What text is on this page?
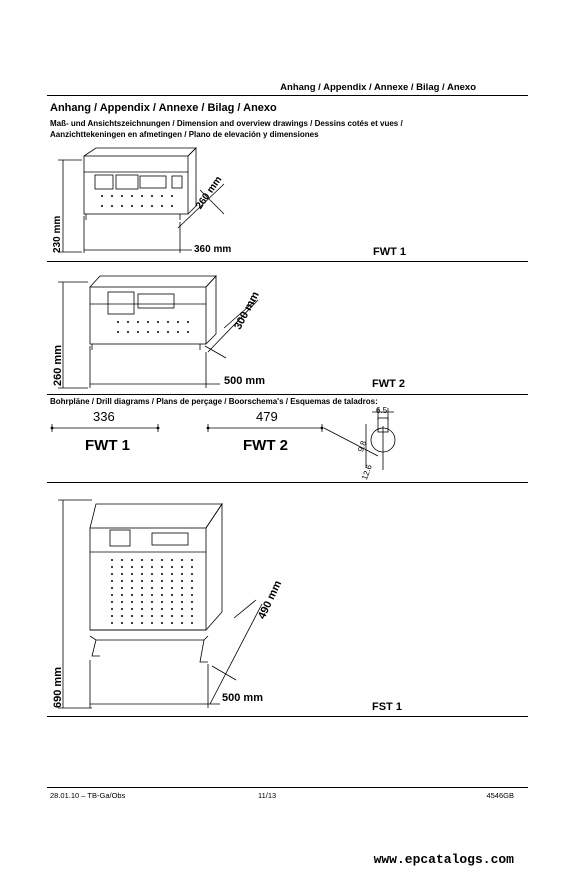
Anhang / Appendix / Annexe / Bilag / Anexo
Anhang / Appendix / Annexe / Bilag / Anexo
Maß- und Ansichtszeichnungen / Dimension and overview drawings / Dessins cotés et vues /
Aanzichttekeningen en afmetingen / Plano de elevación y dimensiones
230 mm
260 mm
360 mm	FWT 1
260 mm
300 mm
500 mm	FWT 2
Bohrpläne / Drill diagrams / Plans de perçage / Boorschema's / Esquemas de taladros:
336
FWT 1
479
FWT 2
6.5
9.8
12.6
690 mm
490 mm
500 mm
FST 1
28.01.10 – TB-Ga/Obs	11/13	4546GB
www.epcatalogs.com
